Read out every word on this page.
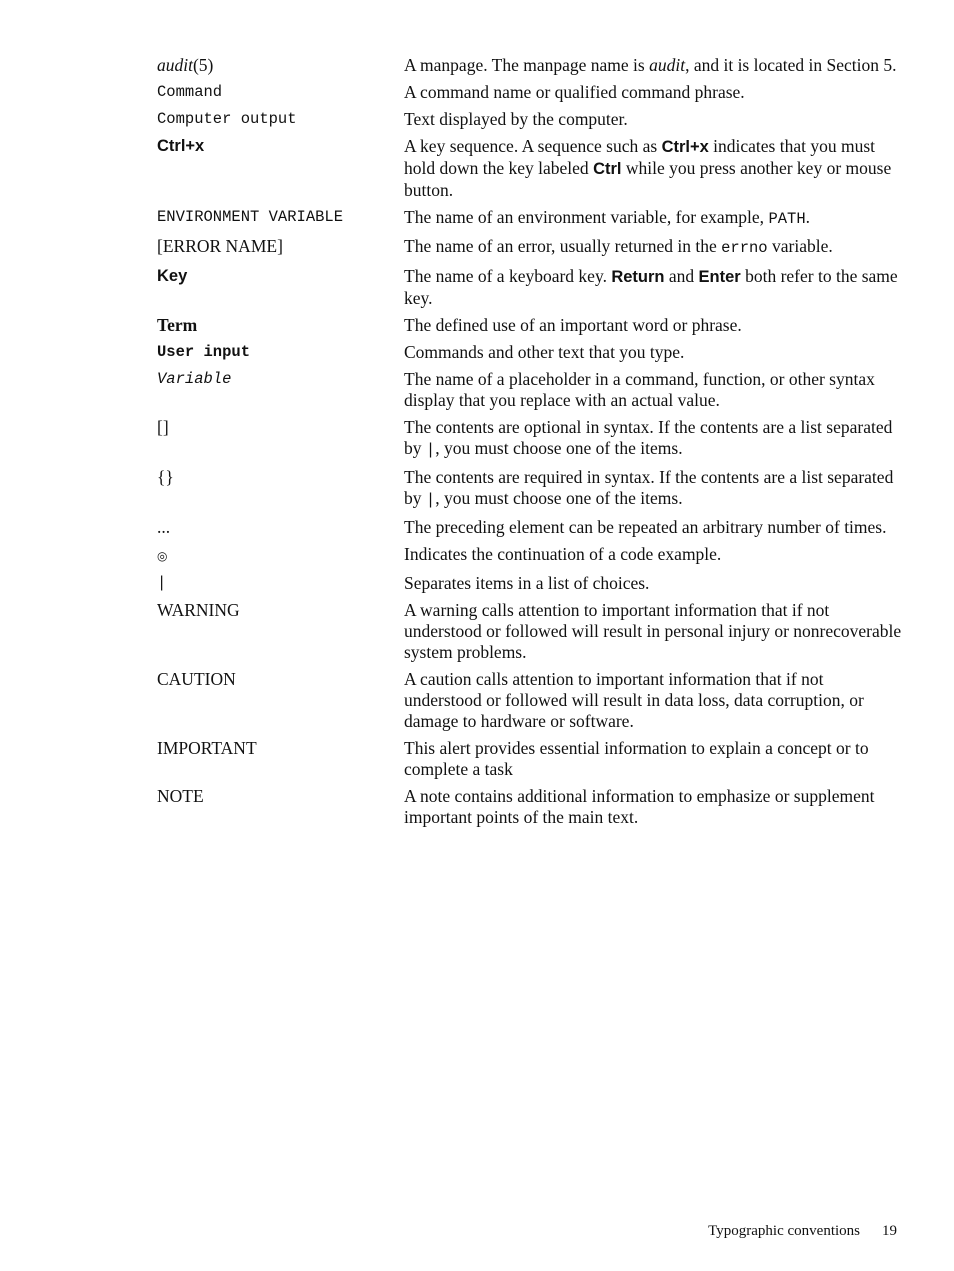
audit(5)	A manpage. The manpage name is audit, and it is located in Section 5.
Command	A command name or qualified command phrase.
Computer output	Text displayed by the computer.
Ctrl+x	A key sequence. A sequence such as Ctrl+x indicates that you must hold down the key labeled Ctrl while you press another key or mouse button.
ENVIRONMENT VARIABLE	The name of an environment variable, for example, PATH.
[ERROR NAME]	The name of an error, usually returned in the errno variable.
Key	The name of a keyboard key. Return and Enter both refer to the same key.
Term	The defined use of an important word or phrase.
User input	Commands and other text that you type.
Variable	The name of a placeholder in a command, function, or other syntax display that you replace with an actual value.
[]	The contents are optional in syntax. If the contents are a list separated by |, you must choose one of the items.
{}	The contents are required in syntax. If the contents are a list separated by |, you must choose one of the items.
...	The preceding element can be repeated an arbitrary number of times.
◎	Indicates the continuation of a code example.
|	Separates items in a list of choices.
WARNING	A warning calls attention to important information that if not understood or followed will result in personal injury or nonrecoverable system problems.
CAUTION	A caution calls attention to important information that if not understood or followed will result in data loss, data corruption, or damage to hardware or software.
IMPORTANT	This alert provides essential information to explain a concept or to complete a task
NOTE	A note contains additional information to emphasize or supplement important points of the main text.
Typographic conventions 19
